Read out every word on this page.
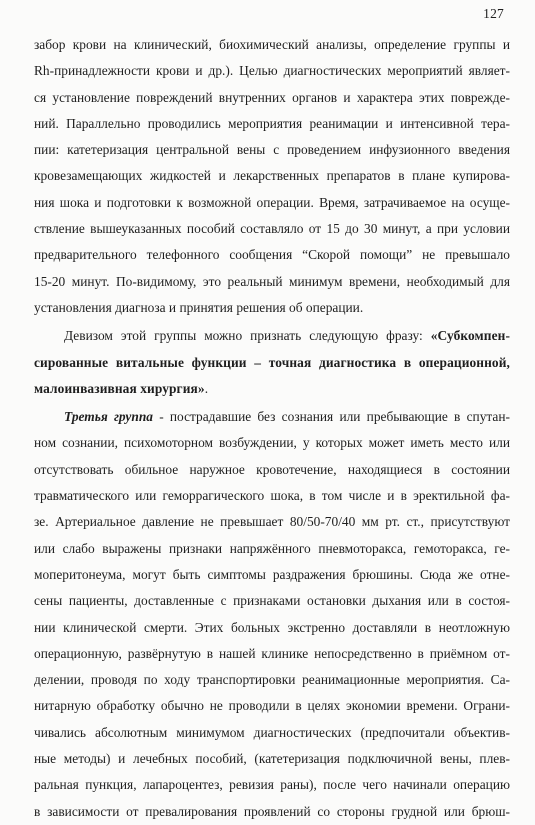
127
забор крови на клинический, биохимический анализы, определение группы и
Rh-принадлежности крови и др.). Целью диагностических мероприятий являет-
ся установление повреждений внутренних органов и характера этих поврежде-
ний. Параллельно проводились мероприятия реанимации и интенсивной тера-
пии: катетеризация центральной вены с проведением инфузионного введения
кровезамещающих жидкостей и лекарственных препаратов в плане купирова-
ния шока и подготовки к возможной операции. Время, затрачиваемое на осуще-
ствление вышеуказанных пособий составляло от 15 до 30 минут, а при условии
предварительного телефонного сообщения “Скорой помощи” не превышало
15-20 минут. По-видимому, это реальный минимум времени, необходимый для
установления диагноза и принятия решения об операции.
Девизом этой группы можно признать следующую фразу: «Субкомпен-
сированные витальные функции – точная диагностика в операционной,
малоинвазивная хирургия».
Третья группа - пострадавшие без сознания или пребывающие в спутан-
ном сознании, психомоторном возбуждении, у которых может иметь место или
отсутствовать обильное наружное кровотечение, находящиеся в состоянии
травматического или геморрагического шока, в том числе и в эректильной фа-
зе. Артериальное давление не превышает 80/50-70/40 мм рт. ст., присутствуют
или слабо выражены признаки напряжённого пневмоторакса, гемоторакса, ге-
моперитонеума, могут быть симптомы раздражения брюшины. Сюда же отне-
сены пациенты, доставленные с признаками остановки дыхания или в состоя-
нии клинической смерти. Этих больных экстренно доставляли в неотложную
операционную, развёрнутую в нашей клинике непосредственно в приёмном от-
делении, проводя по ходу транспортировки реанимационные мероприятия. Са-
нитарную обработку обычно не проводили в целях экономии времени. Ограни-
чивались абсолютным минимумом диагностических (предпочитали объектив-
ные методы) и лечебных пособий, (катетеризация подключичной вены, плев-
ральная пункция, лапароцентез, ревизия раны), после чего начинали операцию
в зависимости от превалирования проявлений со стороны грудной или брюш-
